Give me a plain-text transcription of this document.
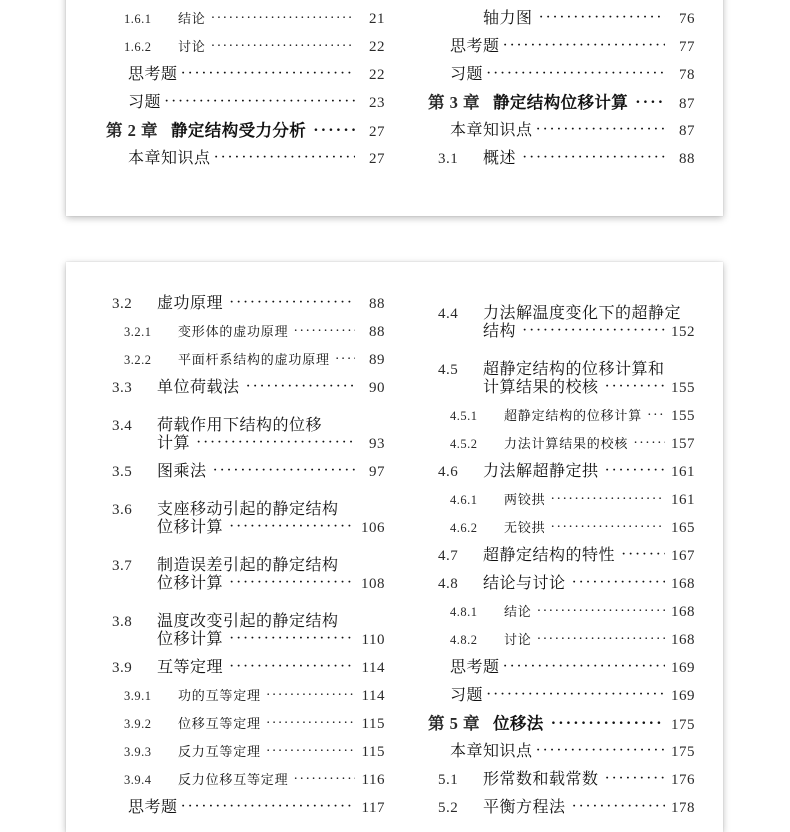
1.6.1	结论 ·····	21
1.6.2	讨论 ·····	22
思考题 ·····	22
习题 ·····	23
第 2 章 静定结构受力分析 ·····	27
本章知识点 ·····	27
轴力图 ·····	76
思考题 ·····	77
习题 ·····	78
第 3 章 静定结构位移计算 ·····	87
本章知识点 ·····	87
3.1	概述 ·····	88
3.2	虚功原理 ·····	88
3.2.1	变形体的虚功原理 ·····	88
3.2.2	平面杆系结构的虚功原理 ·····	89
3.3	单位荷载法 ·····	90
3.4	荷载作用下结构的位移
计算 ·····	93
3.5	图乘法 ·····	97
3.6	支座移动引起的静定结构
位移计算 ·····	106
3.7	制造误差引起的静定结构
位移计算 ·····	108
3.8	温度改变引起的静定结构
位移计算 ·····	110
3.9	互等定理 ·····	114
3.9.1	功的互等定理 ·····	114
3.9.2	位移互等定理 ·····	115
3.9.3	反力互等定理 ·····	115
3.9.4	反力位移互等定理 ·····	116
思考题 ·····	117
4.4	力法解温度变化下的超静定
结构 ·····	152
4.5	超静定结构的位移计算和
计算结果的校核 ·····	155
4.5.1	超静定结构的位移计算 ·····	155
4.5.2	力法计算结果的校核 ·····	157
4.6	力法解超静定拱 ·····	161
4.6.1	两铰拱 ·····	161
4.6.2	无铰拱 ·····	165
4.7	超静定结构的特性 ·····	167
4.8	结论与讨论 ·····	168
4.8.1	结论 ·····	168
4.8.2	讨论 ·····	168
思考题 ·····	169
习题 ·····	169
第 5 章 位移法 ·····	175
本章知识点 ·····	175
5.1	形常数和载常数 ·····	176
5.2	平衡方程法 ·····	178
